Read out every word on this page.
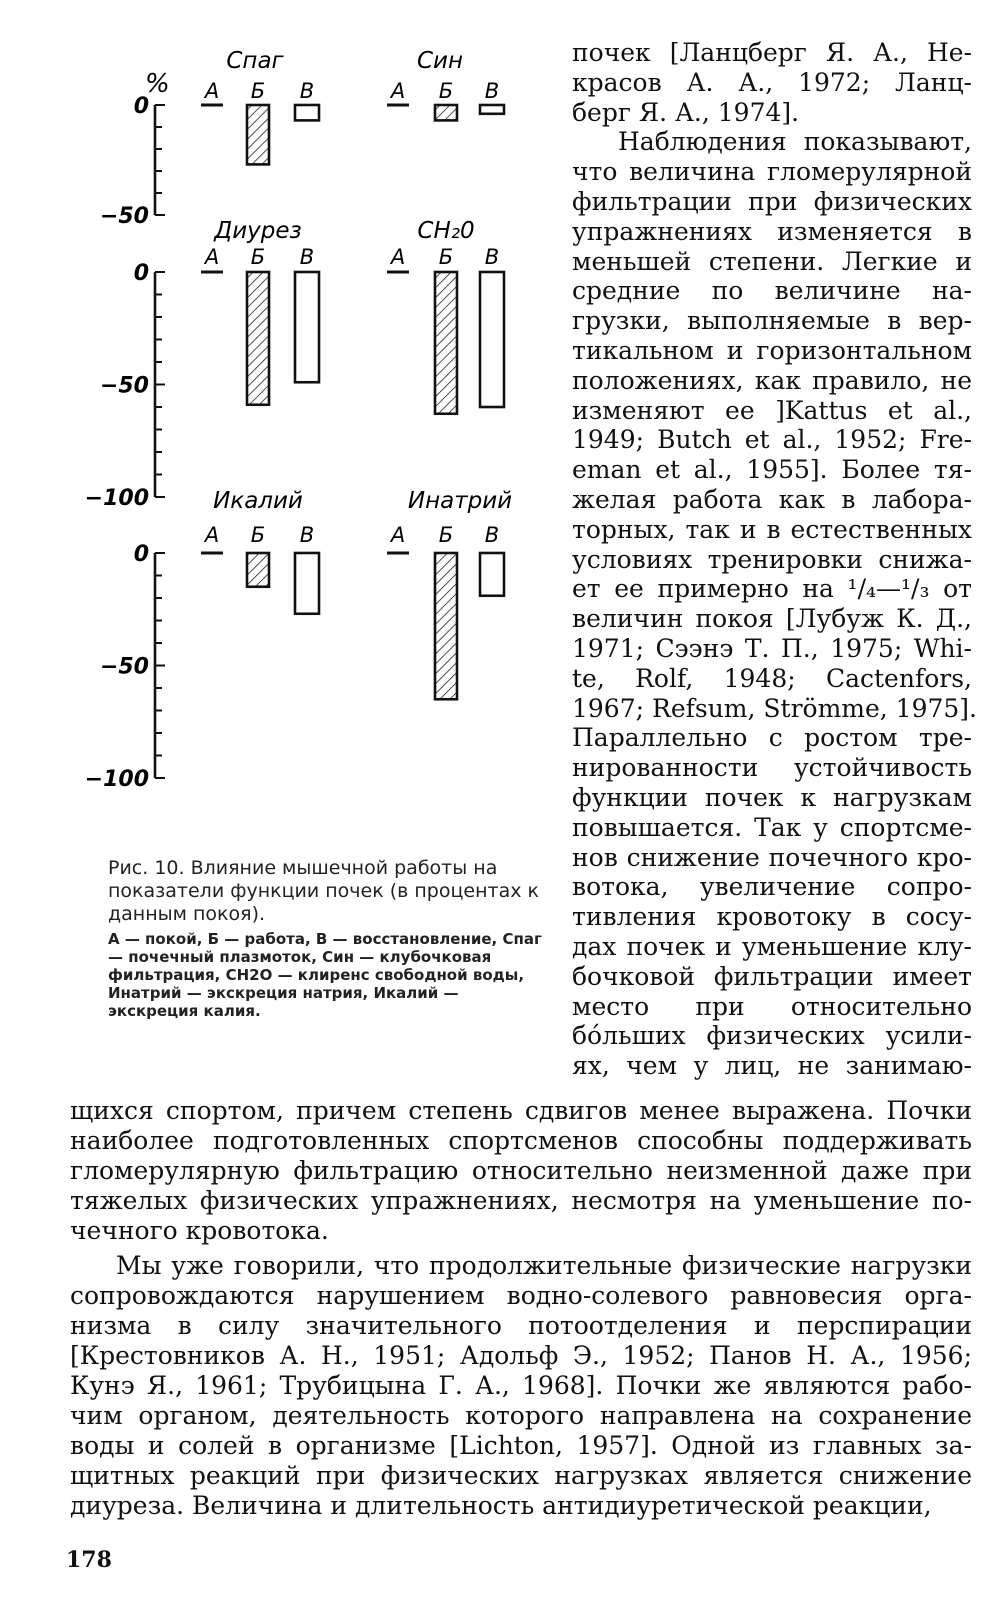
%
0
−50
0
−50
−100
0
−50
−100
Cпаг
A Б В
Cин
A Б В
Диурез
A Б В
CH₂0
A Б В
Икалий
A Б В
Инатрий
A Б В

Рис. 10. Влияние мышечной работы на показатели функции почек (в процентах к данным покоя).

А — покой, Б — работа, В — восстановление, Cпаг — почечный плазмоток, Cин — клубочковая фильтрация, CH2O — клиренс свободной воды, Инатрий — экскреция натрия, Икалий — экскреция калия.

почек [Ланцберг Я. А., Не-
красов А. А., 1972; Ланц-
берг Я. А., 1974].
Наблюдения показывают,
что величина гломерулярной
фильтрации при физических
упражнениях изменяется в
меньшей степени. Легкие и
средние по величине на-
грузки, выполняемые в вер-
тикальном и горизонтальном
положениях, как правило, не
изменяют ее ]Kattus et al.,
1949; Butch et al., 1952; Fre-
eman et al., 1955]. Более тя-
желая работа как в лабора-
торных, так и в естественных
условиях тренировки снижа-
ет ее примерно на ¹/₄—¹/₃ от
величин покоя [Лубуж К. Д.,
1971; Сээнэ Т. П., 1975; Whi-
te, Rolf, 1948; Cactenfors,
1967; Refsum, Strömme, 1975].
Параллельно с ростом тре-
нированности устойчивость
функции почек к нагрузкам
повышается. Так у спортсме-
нов снижение почечного кро-
вотока, увеличение сопро-
тивления кровотоку в сосу-
дах почек и уменьшение клу-
бочковой фильтрации имеет
место при относительно
бо́льших физических усили-
ях, чем у лиц, не занимаю-
щихся спортом, причем степень сдвигов менее выражена. Почки
наиболее подготовленных спортсменов способны поддерживать
гломерулярную фильтрацию относительно неизменной даже при
тяжелых физических упражнениях, несмотря на уменьшение по-
чечного кровотока.
Мы уже говорили, что продолжительные физические нагрузки
сопровождаются нарушением водно-солевого равновесия орга-
низма в силу значительного потоотделения и перспирации
[Крестовников А. Н., 1951; Адольф Э., 1952; Панов Н. А., 1956;
Кунэ Я., 1961; Трубицына Г. А., 1968]. Почки же являются рабо-
чим органом, деятельность которого направлена на сохранение
воды и солей в организме [Lichton, 1957]. Одной из главных за-
щитных реакций при физических нагрузках является снижение
диуреза. Величина и длительность антидиуретической реакции,
178
